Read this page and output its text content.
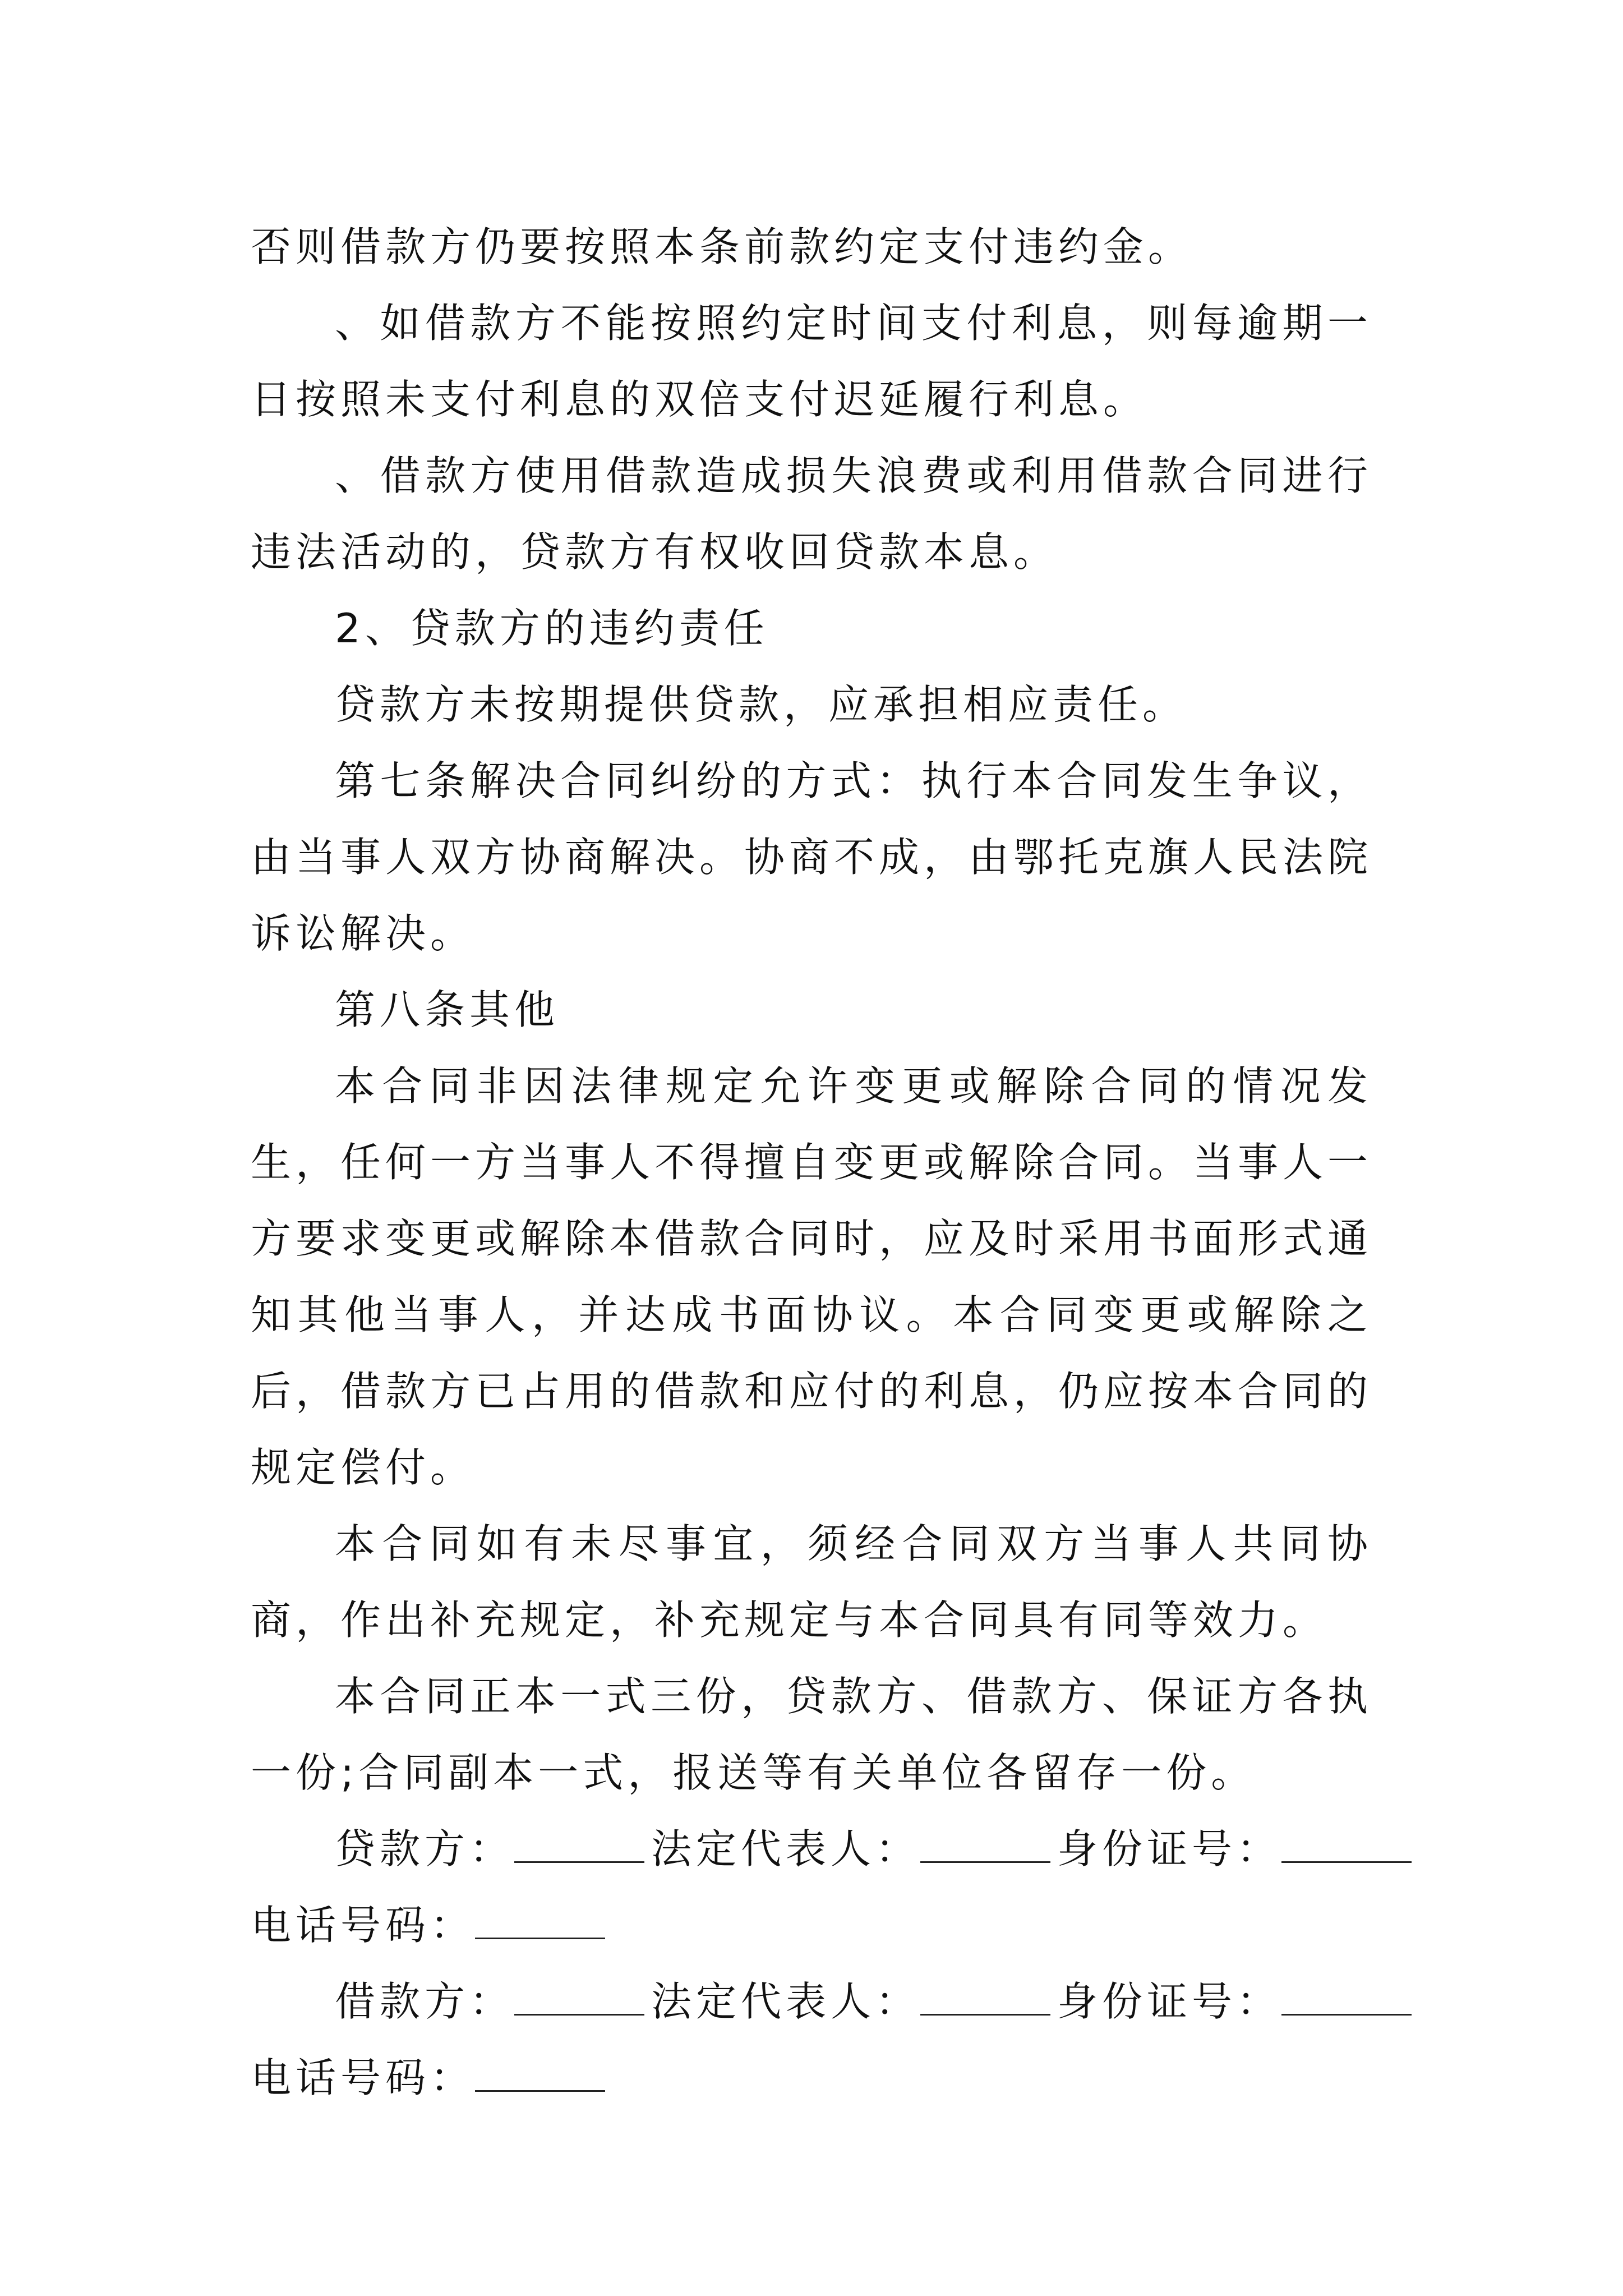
否则借款方仍要按照本条前款约定支付违约金。

、如借款方不能按照约定时间支付利息，则每逾期一日按照未支付利息的双倍支付迟延履行利息。

、借款方使用借款造成损失浪费或利用借款合同进行违法活动的，贷款方有权收回贷款本息。

2、贷款方的违约责任

贷款方未按期提供贷款，应承担相应责任。

第七条解决合同纠纷的方式：执行本合同发生争议，由当事人双方协商解决。协商不成，由鄂托克旗人民法院诉讼解决。

第八条其他

本合同非因法律规定允许变更或解除合同的情况发生，任何一方当事人不得擅自变更或解除合同。当事人一方要求变更或解除本借款合同时，应及时采用书面形式通知其他当事人，并达成书面协议。本合同变更或解除之后，借款方已占用的借款和应付的利息，仍应按本合同的规定偿付。

本合同如有未尽事宜，须经合同双方当事人共同协商，作出补充规定，补充规定与本合同具有同等效力。

本合同正本一式三份，贷款方、借款方、保证方各执一份;合同副本一式，报送等有关单位各留存一份。

贷款方：	法定代表人：	身份证号：

电话号码：

借款方：	法定代表人：	身份证号：

电话号码：
